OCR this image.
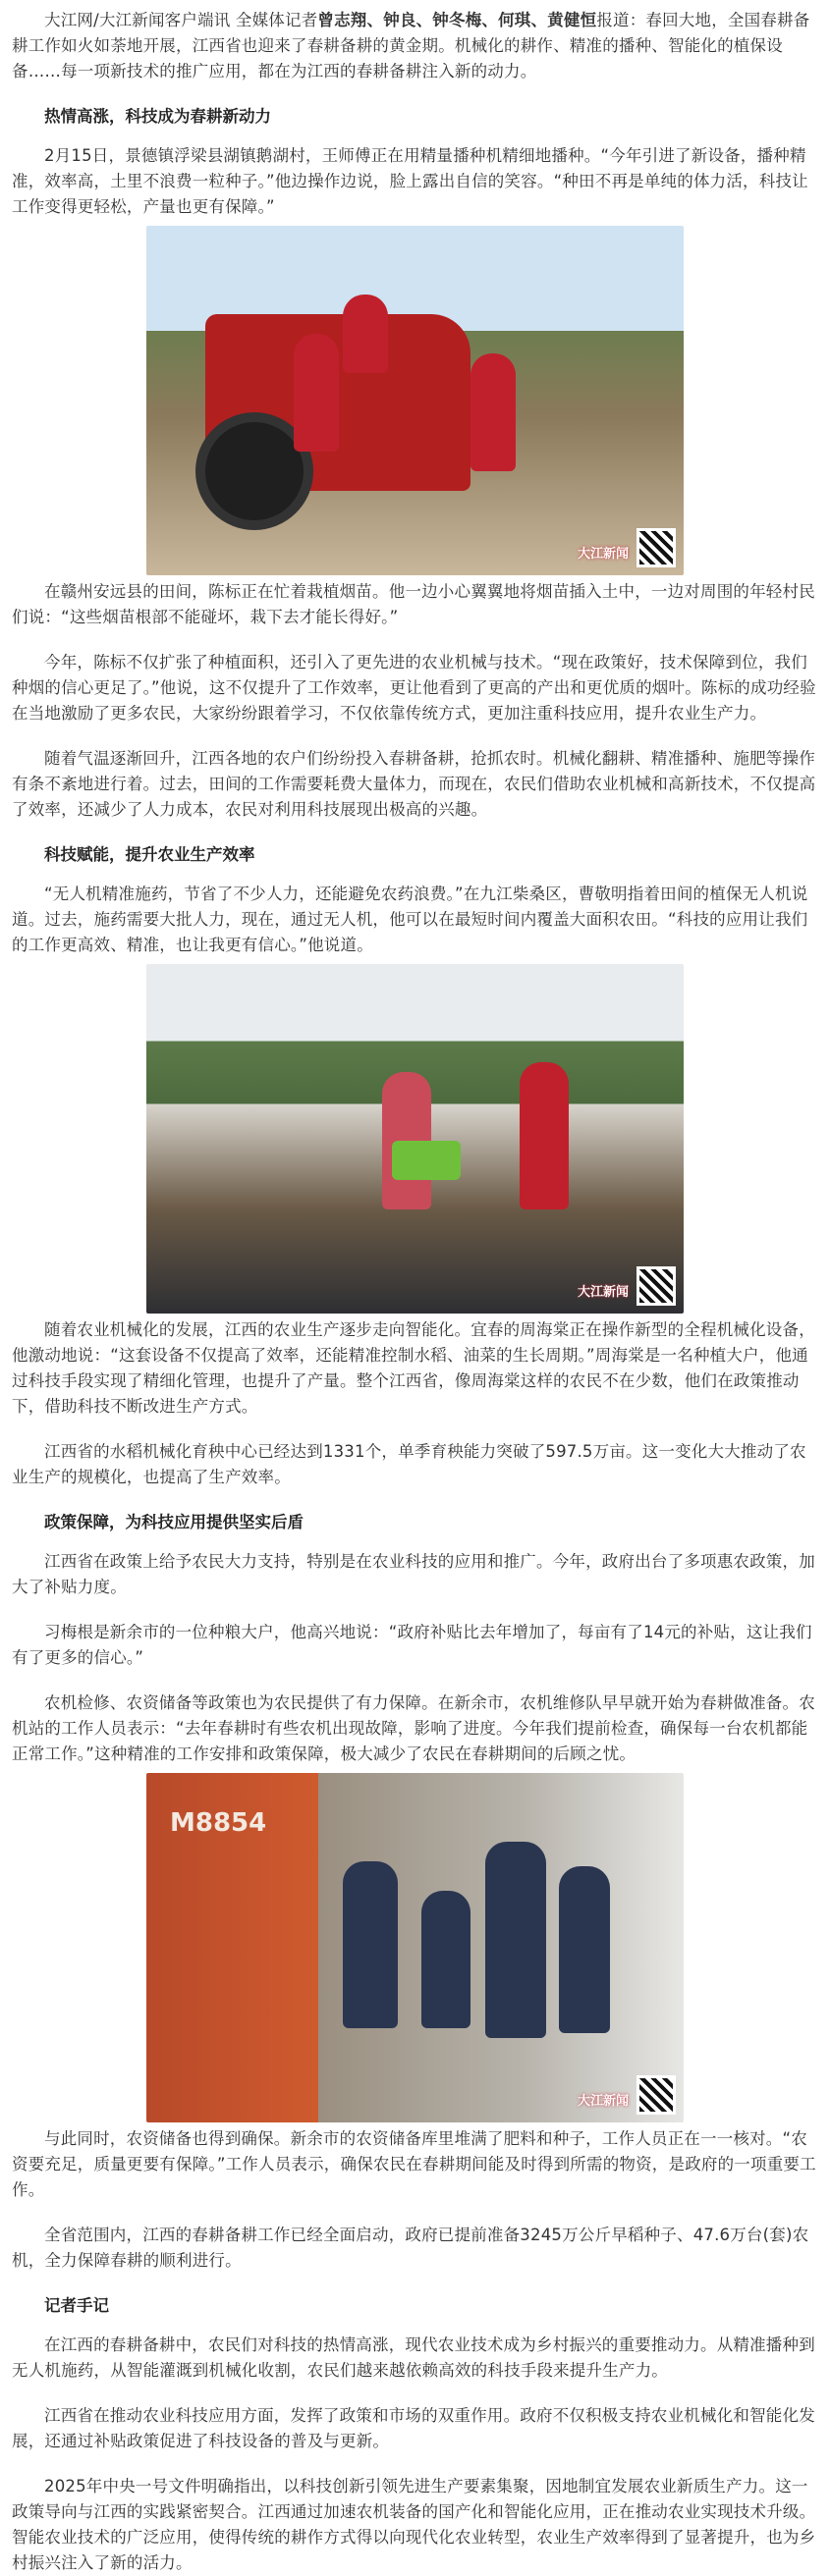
大江网/大江新闻客户端讯 全媒体记者曾志翔、钟良、钟冬梅、何琪、黄健恒报道：春回大地，全国春耕备耕工作如火如荼地开展，江西省也迎来了春耕备耕的黄金期。机械化的耕作、精准的播种、智能化的植保设备……每一项新技术的推广应用，都在为江西的春耕备耕注入新的动力。

热情高涨，科技成为春耕新动力

2月15日，景德镇浮梁县湖镇鹅湖村，王师傅正在用精量播种机精细地播种。“今年引进了新设备，播种精准，效率高，土里不浪费一粒种子。”他边操作边说，脸上露出自信的笑容。“种田不再是单纯的体力活，科技让工作变得更轻松，产量也更有保障。”

大江新闻

在赣州安远县的田间，陈标正在忙着栽植烟苗。他一边小心翼翼地将烟苗插入土中，一边对周围的年轻村民们说：“这些烟苗根部不能碰坏，栽下去才能长得好。”

今年，陈标不仅扩张了种植面积，还引入了更先进的农业机械与技术。“现在政策好，技术保障到位，我们种烟的信心更足了。”他说，这不仅提升了工作效率，更让他看到了更高的产出和更优质的烟叶。陈标的成功经验在当地激励了更多农民，大家纷纷跟着学习，不仅依靠传统方式，更加注重科技应用，提升农业生产力。

随着气温逐渐回升，江西各地的农户们纷纷投入春耕备耕，抢抓农时。机械化翻耕、精准播种、施肥等操作有条不紊地进行着。过去，田间的工作需要耗费大量体力，而现在，农民们借助农业机械和高新技术，不仅提高了效率，还减少了人力成本，农民对利用科技展现出极高的兴趣。

科技赋能，提升农业生产效率

“无人机精准施药，节省了不少人力，还能避免农药浪费。”在九江柴桑区，曹敬明指着田间的植保无人机说道。过去，施药需要大批人力，现在，通过无人机，他可以在最短时间内覆盖大面积农田。“科技的应用让我们的工作更高效、精准，也让我更有信心。”他说道。

大江新闻

随着农业机械化的发展，江西的农业生产逐步走向智能化。宜春的周海棠正在操作新型的全程机械化设备，他激动地说：“这套设备不仅提高了效率，还能精准控制水稻、油菜的生长周期。”周海棠是一名种植大户，他通过科技手段实现了精细化管理，也提升了产量。整个江西省，像周海棠这样的农民不在少数，他们在政策推动下，借助科技不断改进生产方式。

江西省的水稻机械化育秧中心已经达到1331个，单季育秧能力突破了597.5万亩。这一变化大大推动了农业生产的规模化，也提高了生产效率。

政策保障，为科技应用提供坚实后盾

江西省在政策上给予农民大力支持，特别是在农业科技的应用和推广。今年，政府出台了多项惠农政策，加大了补贴力度。

习梅根是新余市的一位种粮大户，他高兴地说：“政府补贴比去年增加了，每亩有了14元的补贴，这让我们有了更多的信心。”

农机检修、农资储备等政策也为农民提供了有力保障。在新余市，农机维修队早早就开始为春耕做准备。农机站的工作人员表示：“去年春耕时有些农机出现故障，影响了进度。今年我们提前检查，确保每一台农机都能正常工作。”这种精准的工作安排和政策保障，极大减少了农民在春耕期间的后顾之忧。

M8854
大江新闻

与此同时，农资储备也得到确保。新余市的农资储备库里堆满了肥料和种子，工作人员正在一一核对。“农资要充足，质量更要有保障。”工作人员表示，确保农民在春耕期间能及时得到所需的物资，是政府的一项重要工作。

全省范围内，江西的春耕备耕工作已经全面启动，政府已提前准备3245万公斤早稻种子、47.6万台(套)农机，全力保障春耕的顺利进行。

记者手记

在江西的春耕备耕中，农民们对科技的热情高涨，现代农业技术成为乡村振兴的重要推动力。从精准播种到无人机施药，从智能灌溉到机械化收割，农民们越来越依赖高效的科技手段来提升生产力。

江西省在推动农业科技应用方面，发挥了政策和市场的双重作用。政府不仅积极支持农业机械化和智能化发展，还通过补贴政策促进了科技设备的普及与更新。

2025年中央一号文件明确指出，以科技创新引领先进生产要素集聚，因地制宜发展农业新质生产力。这一政策导向与江西的实践紧密契合。江西通过加速农机装备的国产化和智能化应用，正在推动农业实现技术升级。智能农业技术的广泛应用，使得传统的耕作方式得以向现代化农业转型，农业生产效率得到了显著提升，也为乡村振兴注入了新的活力。
